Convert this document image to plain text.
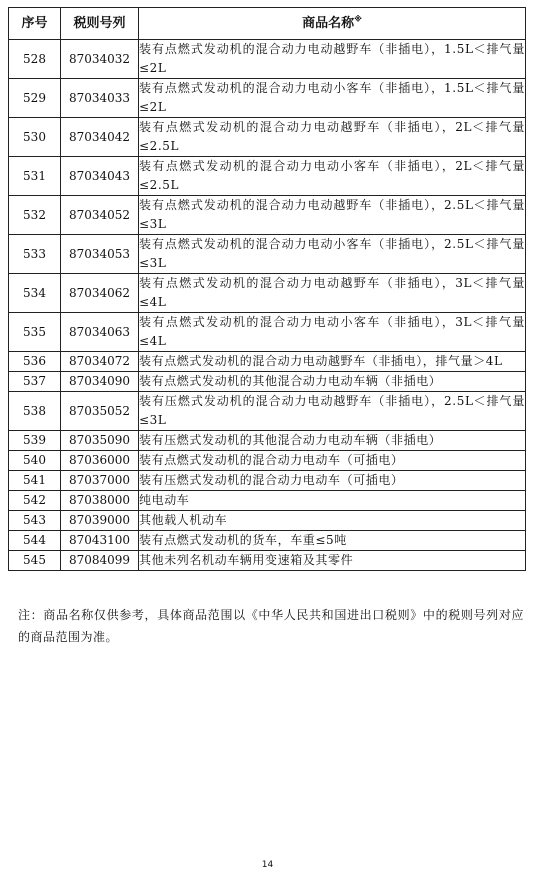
序号	税则号列	商品名称※
528	87034032	装有点燃式发动机的混合动力电动越野车（非插电），1.5L＜排气量≤2L
529	87034033	装有点燃式发动机的混合动力电动小客车（非插电），1.5L＜排气量≤2L
530	87034042	装有点燃式发动机的混合动力电动越野车（非插电），2L＜排气量≤2.5L
531	87034043	装有点燃式发动机的混合动力电动小客车（非插电），2L＜排气量≤2.5L
532	87034052	装有点燃式发动机的混合动力电动越野车（非插电），2.5L＜排气量≤3L
533	87034053	装有点燃式发动机的混合动力电动小客车（非插电），2.5L＜排气量≤3L
534	87034062	装有点燃式发动机的混合动力电动越野车（非插电），3L＜排气量≤4L
535	87034063	装有点燃式发动机的混合动力电动小客车（非插电），3L＜排气量≤4L
536	87034072	装有点燃式发动机的混合动力电动越野车（非插电），排气量＞4L
537	87034090	装有点燃式发动机的其他混合动力电动车辆（非插电）
538	87035052	装有压燃式发动机的混合动力电动越野车（非插电），2.5L＜排气量≤3L
539	87035090	装有压燃式发动机的其他混合动力电动车辆（非插电）
540	87036000	装有点燃式发动机的混合动力电动车（可插电）
541	87037000	装有压燃式发动机的混合动力电动车（可插电）
542	87038000	纯电动车
543	87039000	其他载人机动车
544	87043100	装有点燃式发动机的货车，车重≤5吨
545	87084099	其他未列名机动车辆用变速箱及其零件
注：商品名称仅供参考，具体商品范围以《中华人民共和国进出口税则》中的税则号列对应的商品范围为准。
14
